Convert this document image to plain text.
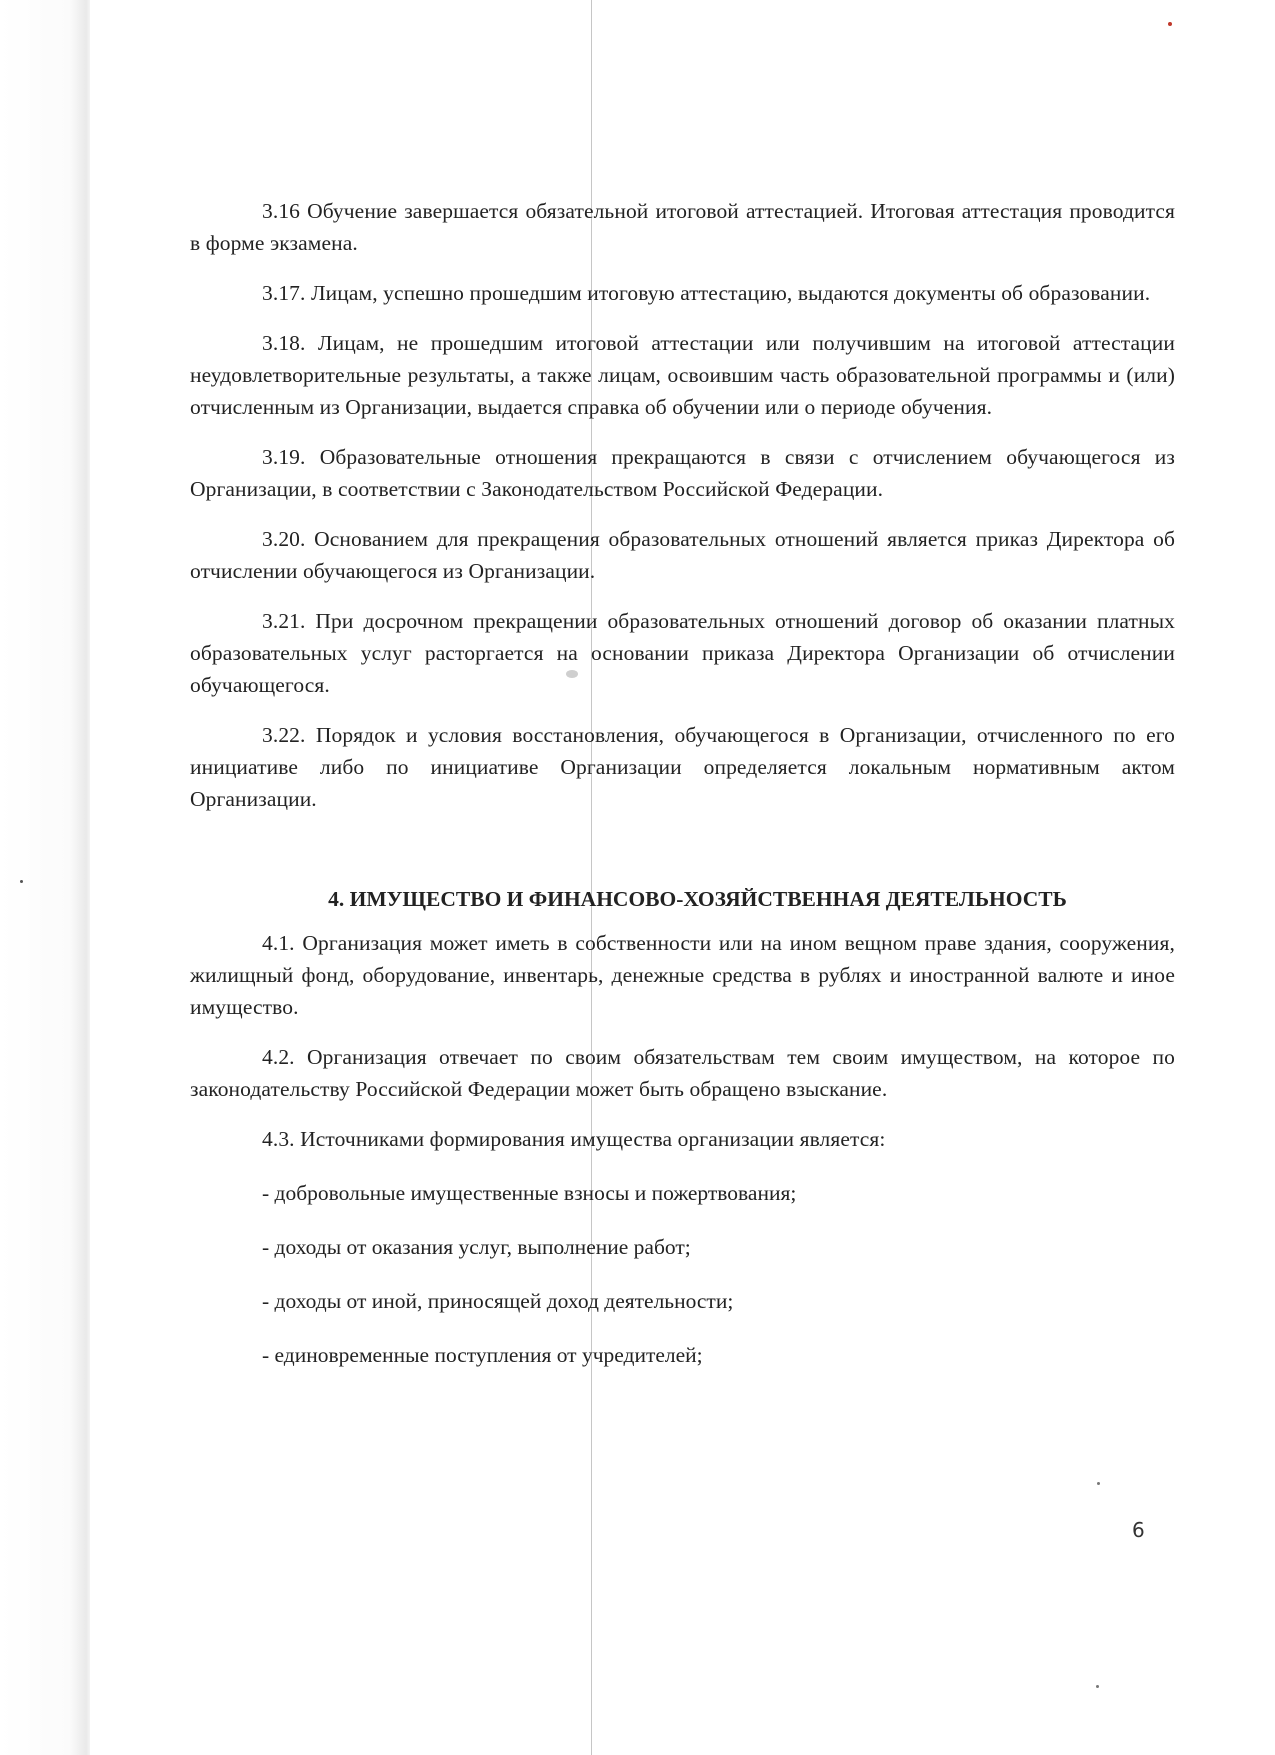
3.16 Обучение завершается обязательной итоговой аттестацией. Итоговая аттестация проводится в форме экзамена.

3.17. Лицам, успешно прошедшим итоговую аттестацию, выдаются документы об образовании.

3.18. Лицам, не прошедшим итоговой аттестации или получившим на итоговой аттестации неудовлетворительные результаты, а также лицам, освоившим часть образовательной программы и (или) отчисленным из Организации, выдается справка об обучении или о периоде обучения.

3.19. Образовательные отношения прекращаются в связи с отчислением обучающегося из Организации, в соответствии с Законодательством Российской Федерации.

3.20. Основанием для прекращения образовательных отношений является приказ Директора об отчислении обучающегося из Организации.

3.21. При досрочном прекращении образовательных отношений договор об оказании платных образовательных услуг расторгается на основании приказа Директора Организации об отчислении обучающегося.

3.22. Порядок и условия восстановления, обучающегося в Организации, отчисленного по его инициативе либо по инициативе Организации определяется локальным нормативным актом Организации.

4. ИМУЩЕСТВО И ФИНАНСОВО-ХОЗЯЙСТВЕННАЯ ДЕЯТЕЛЬНОСТЬ

4.1. Организация может иметь в собственности или на ином вещном праве здания, сооружения, жилищный фонд, оборудование, инвентарь, денежные средства в рублях и иностранной валюте и иное имущество.

4.2. Организация отвечает по своим обязательствам тем своим имуществом, на которое по законодательству Российской Федерации может быть обращено взыскание.

4.3. Источниками формирования имущества организации является:

- добровольные имущественные взносы и пожертвования;
- доходы от оказания услуг, выполнение работ;
- доходы от иной, приносящей доход деятельности;
- единовременные поступления от учредителей;
6
